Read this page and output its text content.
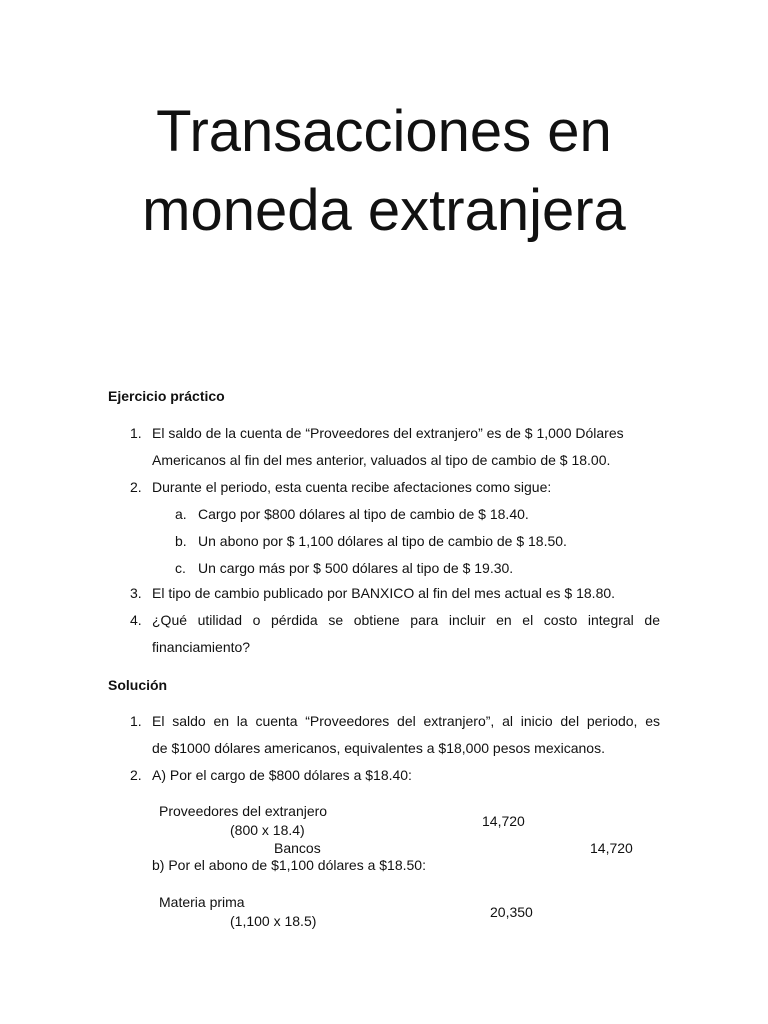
Transacciones en
moneda extranjera
Ejercicio práctico
1. El saldo de la cuenta de “Proveedores del extranjero” es de $ 1,000 Dólares
Americanos al fin del mes anterior, valuados al tipo de cambio de $ 18.00.
2. Durante el periodo, esta cuenta recibe afectaciones como sigue:
a. Cargo por $800 dólares al tipo de cambio de $ 18.40.
b. Un abono por $ 1,100 dólares al tipo de cambio de $ 18.50.
c. Un cargo más por $ 500 dólares al tipo de $ 19.30.
3. El tipo de cambio publicado por BANXICO al fin del mes actual es $ 18.80.
4. ¿Qué utilidad o pérdida se obtiene para incluir en el costo integral de
financiamiento?
Solución
1. El saldo en la cuenta “Proveedores del extranjero”, al inicio del periodo, es
de $1000 dólares americanos, equivalentes a $18,000 pesos mexicanos.
2. A) Por el cargo de $800 dólares a $18.40:
Proveedores del extranjero
(800 x 18.4)
14,720
Bancos	14,720
b) Por el abono de $1,100 dólares a $18.50:
Materia prima
(1,100 x 18.5)
20,350
